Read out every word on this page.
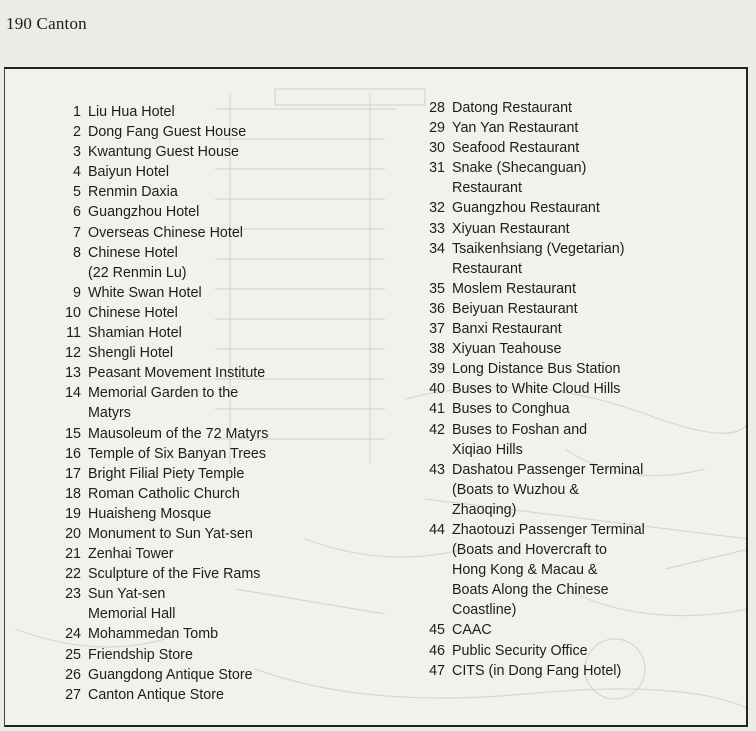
190 Canton
1 Liu Hua Hotel
2 Dong Fang Guest House
3 Kwantung Guest House
4 Baiyun Hotel
5 Renmin Daxia
6 Guangzhou Hotel
7 Overseas Chinese Hotel
8 Chinese Hotel
(22 Renmin Lu)
9 White Swan Hotel
10 Chinese Hotel
11 Shamian Hotel
12 Shengli Hotel
13 Peasant Movement Institute
14 Memorial Garden to the
Matyrs
15 Mausoleum of the 72 Matyrs
16 Temple of Six Banyan Trees
17 Bright Filial Piety Temple
18 Roman Catholic Church
19 Huaisheng Mosque
20 Monument to Sun Yat-sen
21 Zenhai Tower
22 Sculpture of the Five Rams
23 Sun Yat-sen
Memorial Hall
24 Mohammedan Tomb
25 Friendship Store
26 Guangdong Antique Store
27 Canton Antique Store
28 Datong Restaurant
29 Yan Yan Restaurant
30 Seafood Restaurant
31 Snake (Shecanguan)
Restaurant
32 Guangzhou Restaurant
33 Xiyuan Restaurant
34 Tsaikenhsiang (Vegetarian)
Restaurant
35 Moslem Restaurant
36 Beiyuan Restaurant
37 Banxi Restaurant
38 Xiyuan Teahouse
39 Long Distance Bus Station
40 Buses to White Cloud Hills
41 Buses to Conghua
42 Buses to Foshan and
Xiqiao Hills
43 Dashatou Passenger Terminal
(Boats to Wuzhou &
Zhaoqing)
44 Zhaotouzi Passenger Terminal
(Boats and Hovercraft to
Hong Kong & Macau &
Boats Along the Chinese
Coastline)
45 CAAC
46 Public Security Office
47 CITS (in Dong Fang Hotel)
